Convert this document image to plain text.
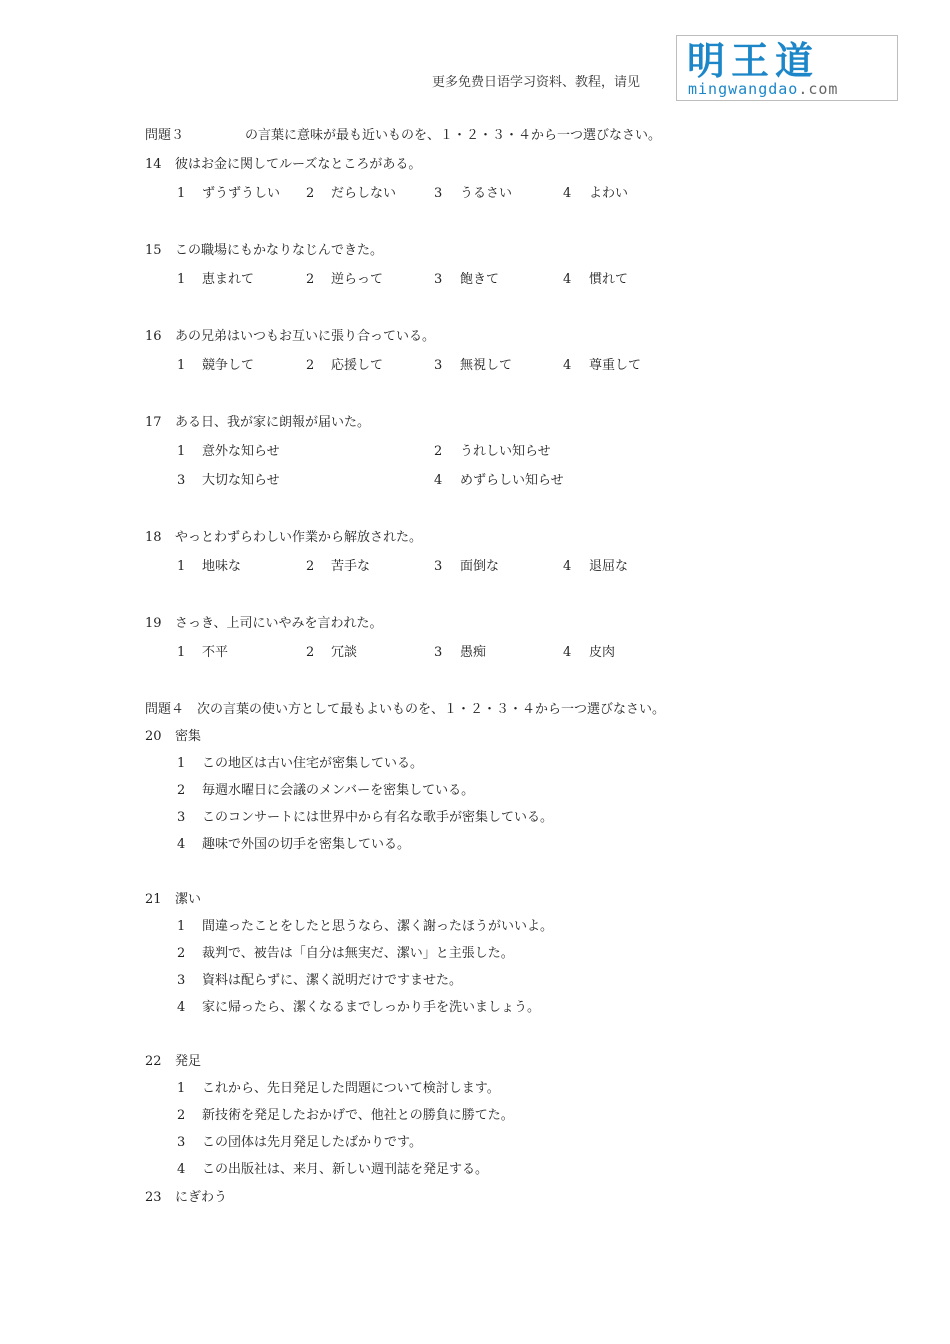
更多免费日语学习资料、教程，请见 明王道
mingwangdao.com
問題３	の言葉に意味が最も近いものを、１・２・３・４から一つ選びなさい。
14 彼はお金に関してルーズなところがある。
1 ずうずうしい 2 だらしない	3 うるさい	4 よわい
15 この職場にもかなりなじんできた。
1 恵まれて	2 逆らって	3 飽きて	4 慣れて
16 あの兄弟はいつもお互いに張り合っている。
1 競争して	2 応援して	3 無視して	4 尊重して
17 ある日、我が家に朗報が届いた。
1 意外な知らせ	2 うれしい知らせ
3 大切な知らせ	4 めずらしい知らせ
18 やっとわずらわしい作業から解放された。
1 地味な	2 苦手な	3 面倒な	4 退屈な
19 さっき、上司にいやみを言われた。
1 不平	2 冗談	3 愚痴	4 皮肉
問題４　次の言葉の使い方として最もよいものを、１・２・３・４から一つ選びなさい。
20 密集
1 この地区は古い住宅が密集している。
2 毎週水曜日に会議のメンバーを密集している。
3 このコンサートには世界中から有名な歌手が密集している。
4 趣味で外国の切手を密集している。
21 潔い
1 間違ったことをしたと思うなら、潔く謝ったほうがいいよ。
2 裁判で、被告は「自分は無実だ、潔い」と主張した。
3 資料は配らずに、潔く説明だけですませた。
4 家に帰ったら、潔くなるまでしっかり手を洗いましょう。
22 発足
1 これから、先日発足した問題について検討します。
2 新技術を発足したおかげで、他社との勝負に勝てた。
3 この団体は先月発足したばかりです。
4 この出版社は、来月、新しい週刊誌を発足する。
23 にぎわう
